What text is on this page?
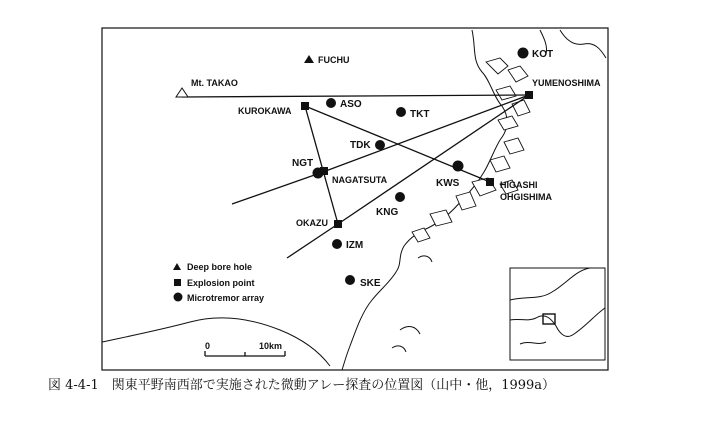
FUCHU
Mt. TAKAO
KOT
YUMENOSHIMA
KUROKAWA
ASO
TKT
TDK
NGT
NAGATSUTA	KWS	HIGASHI
OHGISHIMA
KNG
OKAZU
IZM
SKE
Deep bore hole
Explosion point
Microtremor array
0	10km
図 4-4-1　関東平野南西部で実施された微動アレー探査の位置図（山中・他，1999a）
